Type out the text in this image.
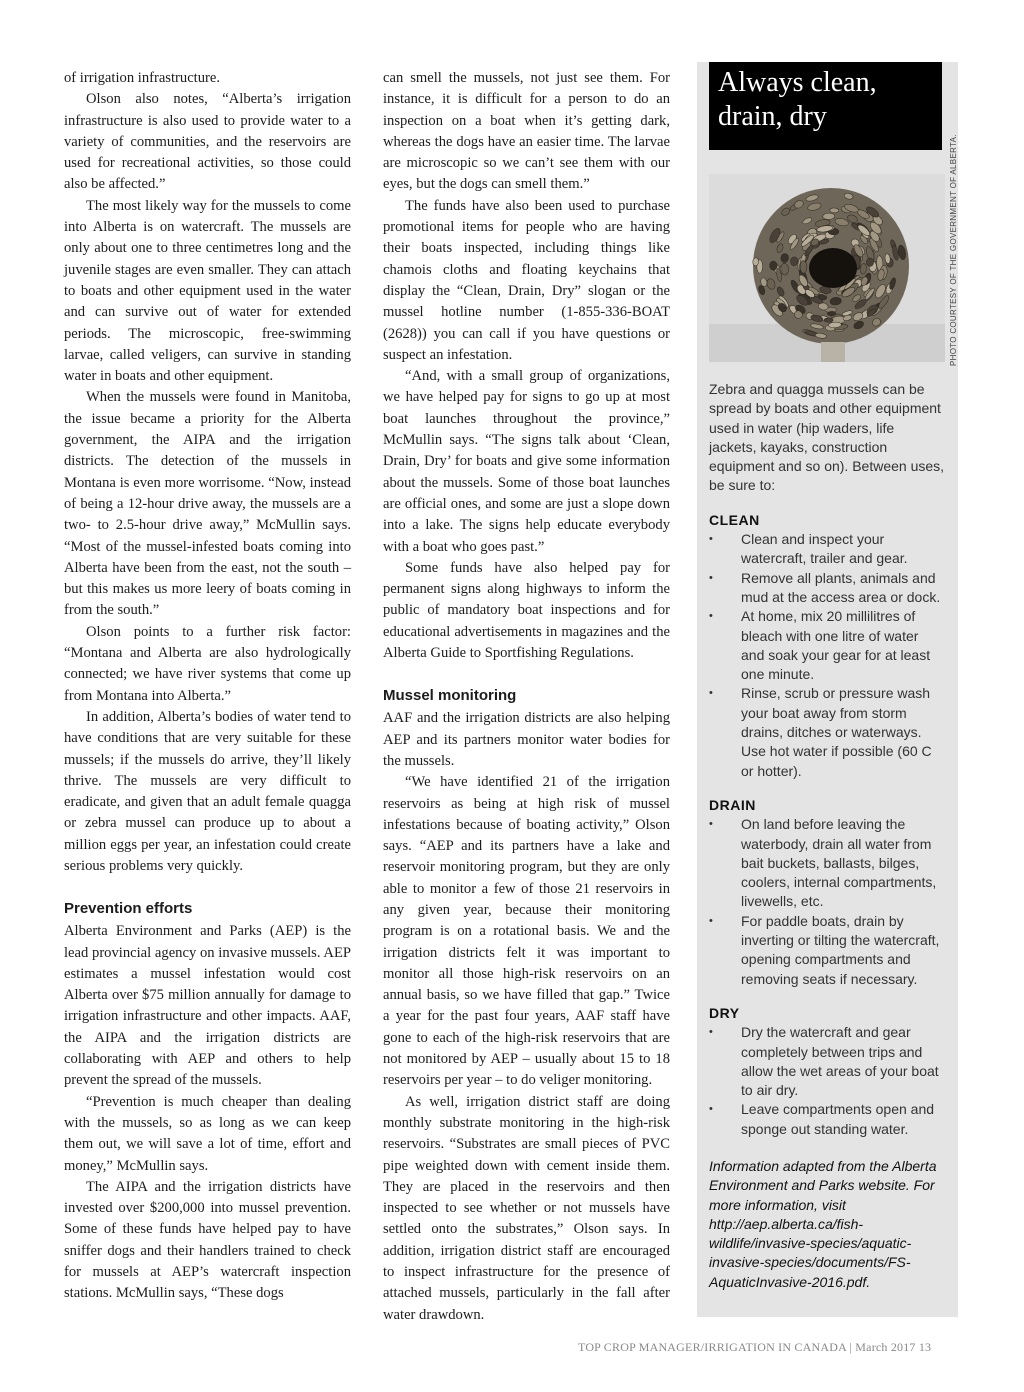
of irrigation infrastructure.

Olson also notes, “Alberta’s irrigation infrastructure is also used to provide water to a variety of communities, and the reservoirs are used for recreational activities, so those could also be affected.”

The most likely way for the mussels to come into Alberta is on watercraft. The mussels are only about one to three centimetres long and the juvenile stages are even smaller. They can attach to boats and other equipment used in the water and can survive out of water for extended periods. The microscopic, free-swimming larvae, called veligers, can survive in standing water in boats and other equipment.

When the mussels were found in Manitoba, the issue became a priority for the Alberta government, the AIPA and the irrigation districts. The detection of the mussels in Montana is even more worrisome. “Now, instead of being a 12-hour drive away, the mussels are a two- to 2.5-hour drive away,” McMullin says. “Most of the mussel-infested boats coming into Alberta have been from the east, not the south – but this makes us more leery of boats coming in from the south.”

Olson points to a further risk factor: “Montana and Alberta are also hydrologically connected; we have river systems that come up from Montana into Alberta.”

In addition, Alberta’s bodies of water tend to have conditions that are very suitable for these mussels; if the mussels do arrive, they’ll likely thrive. The mussels are very difficult to eradicate, and given that an adult female quagga or zebra mussel can produce up to about a million eggs per year, an infestation could create serious problems very quickly.

Prevention efforts

Alberta Environment and Parks (AEP) is the lead provincial agency on invasive mussels. AEP estimates a mussel infestation would cost Alberta over $75 million annually for damage to irrigation infrastructure and other impacts. AAF, the AIPA and the irrigation districts are collaborating with AEP and others to help prevent the spread of the mussels.

“Prevention is much cheaper than dealing with the mussels, so as long as we can keep them out, we will save a lot of time, effort and money,” McMullin says.

The AIPA and the irrigation districts have invested over $200,000 into mussel prevention. Some of these funds have helped pay to have sniffer dogs and their handlers trained to check for mussels at AEP’s watercraft inspection stations. McMullin says, “These dogs

can smell the mussels, not just see them. For instance, it is difficult for a person to do an inspection on a boat when it’s getting dark, whereas the dogs have an easier time. The larvae are microscopic so we can’t see them with our eyes, but the dogs can smell them.”

The funds have also been used to purchase promotional items for people who are having their boats inspected, including things like chamois cloths and floating keychains that display the “Clean, Drain, Dry” slogan or the mussel hotline number (1-855-336-BOAT (2628)) you can call if you have questions or suspect an infestation.

“And, with a small group of organizations, we have helped pay for signs to go up at most boat launches throughout the province,” McMullin says. “The signs talk about ‘Clean, Drain, Dry’ for boats and give some information about the mussels. Some of those boat launches are official ones, and some are just a slope down into a lake. The signs help educate everybody with a boat who goes past.”

Some funds have also helped pay for permanent signs along highways to inform the public of mandatory boat inspections and for educational advertisements in magazines and the Alberta Guide to Sportfishing Regulations.

Mussel monitoring

AAF and the irrigation districts are also helping AEP and its partners monitor water bodies for the mussels.

“We have identified 21 of the irrigation reservoirs as being at high risk of mussel infestations because of boating activity,” Olson says. “AEP and its partners have a lake and reservoir monitoring program, but they are only able to monitor a few of those 21 reservoirs in any given year, because their monitoring program is on a rotational basis. We and the irrigation districts felt it was important to monitor all those high-risk reservoirs on an annual basis, so we have filled that gap.” Twice a year for the past four years, AAF staff have gone to each of the high-risk reservoirs that are not monitored by AEP – usually about 15 to 18 reservoirs per year – to do veliger monitoring.

As well, irrigation district staff are doing monthly substrate monitoring in the high-risk reservoirs. “Substrates are small pieces of PVC pipe weighted down with cement inside them. They are placed in the reservoirs and then inspected to see whether or not mussels have settled onto the substrates,” Olson says. In addition, irrigation district staff are encouraged to inspect infrastructure for the presence of attached mussels, particularly in the fall after water drawdown.

Always clean, drain, dry
Zebra and quagga mussels can be spread by boats and other equipment used in water (hip waders, life jackets, kayaks, construction equipment and so on). Between uses, be sure to:
CLEAN
• Clean and inspect your watercraft, trailer and gear.
• Remove all plants, animals and mud at the access area or dock.
• At home, mix 20 millilitres of bleach with one litre of water and soak your gear for at least one minute.
• Rinse, scrub or pressure wash your boat away from storm drains, ditches or waterways. Use hot water if possible (60 C or hotter).
DRAIN
• On land before leaving the waterbody, drain all water from bait buckets, ballasts, bilges, coolers, internal compartments, livewells, etc.
• For paddle boats, drain by inverting or tilting the watercraft, opening compartments and removing seats if necessary.
DRY
• Dry the watercraft and gear completely between trips and allow the wet areas of your boat to air dry.
• Leave compartments open and sponge out standing water.
Information adapted from the Alberta Environment and Parks website. For more information, visit http://aep.alberta.ca/fish-wildlife/invasive-species/aquatic-invasive-species/documents/FS-AquaticInvasive-2016.pdf.
PHOTO COURTESY OF THE GOVERNMENT OF ALBERTA.
TOP CROP MANAGER/IRRIGATION IN CANADA | March 2017 13
